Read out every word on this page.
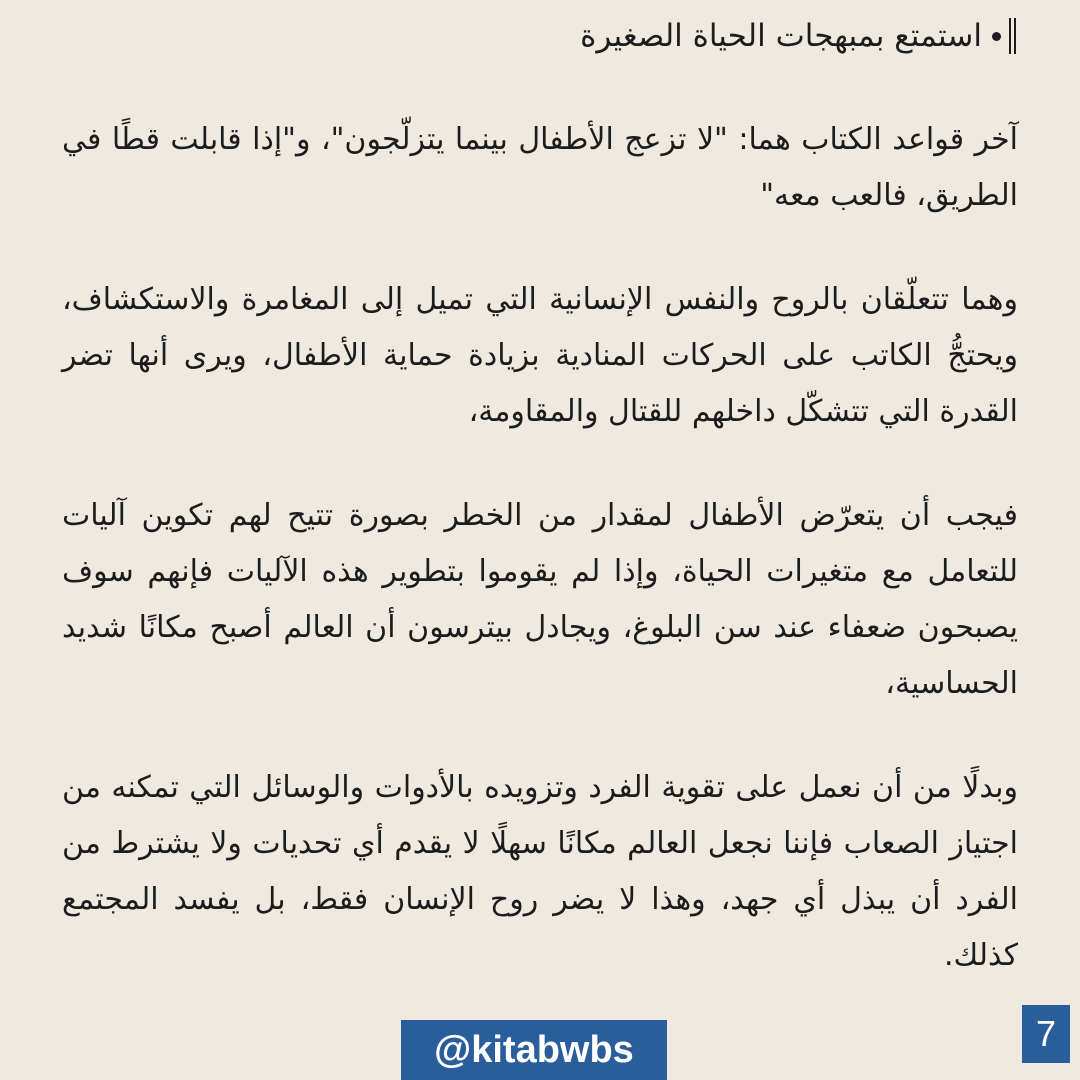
استمتع بمبهجات الحياة الصغيرة

آخر قواعد الكتاب هما: "لا تزعج الأطفال بينما يتزلّجون"، و"إذا قابلت قطًا في الطريق، فالعب معه"

وهما تتعلّقان بالروح والنفس الإنسانية التي تميل إلى المغامرة والاستكشاف، ويحتجُّ الكاتب على الحركات المنادية بزيادة حماية الأطفال، ويرى أنها تضر القدرة التي تتشكّل داخلهم للقتال والمقاومة،

فيجب أن يتعرّض الأطفال لمقدار من الخطر بصورة تتيح لهم تكوين آليات للتعامل مع متغيرات الحياة، وإذا لم يقوموا بتطوير هذه الآليات فإنهم سوف يصبحون ضعفاء عند سن البلوغ، ويجادل بيترسون أن العالم أصبح مكانًا شديد الحساسية،

وبدلًا من أن نعمل على تقوية الفرد وتزويده بالأدوات والوسائل التي تمكنه من اجتياز الصعاب فإننا نجعل العالم مكانًا سهلًا لا يقدم أي تحديات ولا يشترط من الفرد أن يبذل أي جهد، وهذا لا يضر روح الإنسان فقط، بل يفسد المجتمع كذلك.

@kitabwbs	7
